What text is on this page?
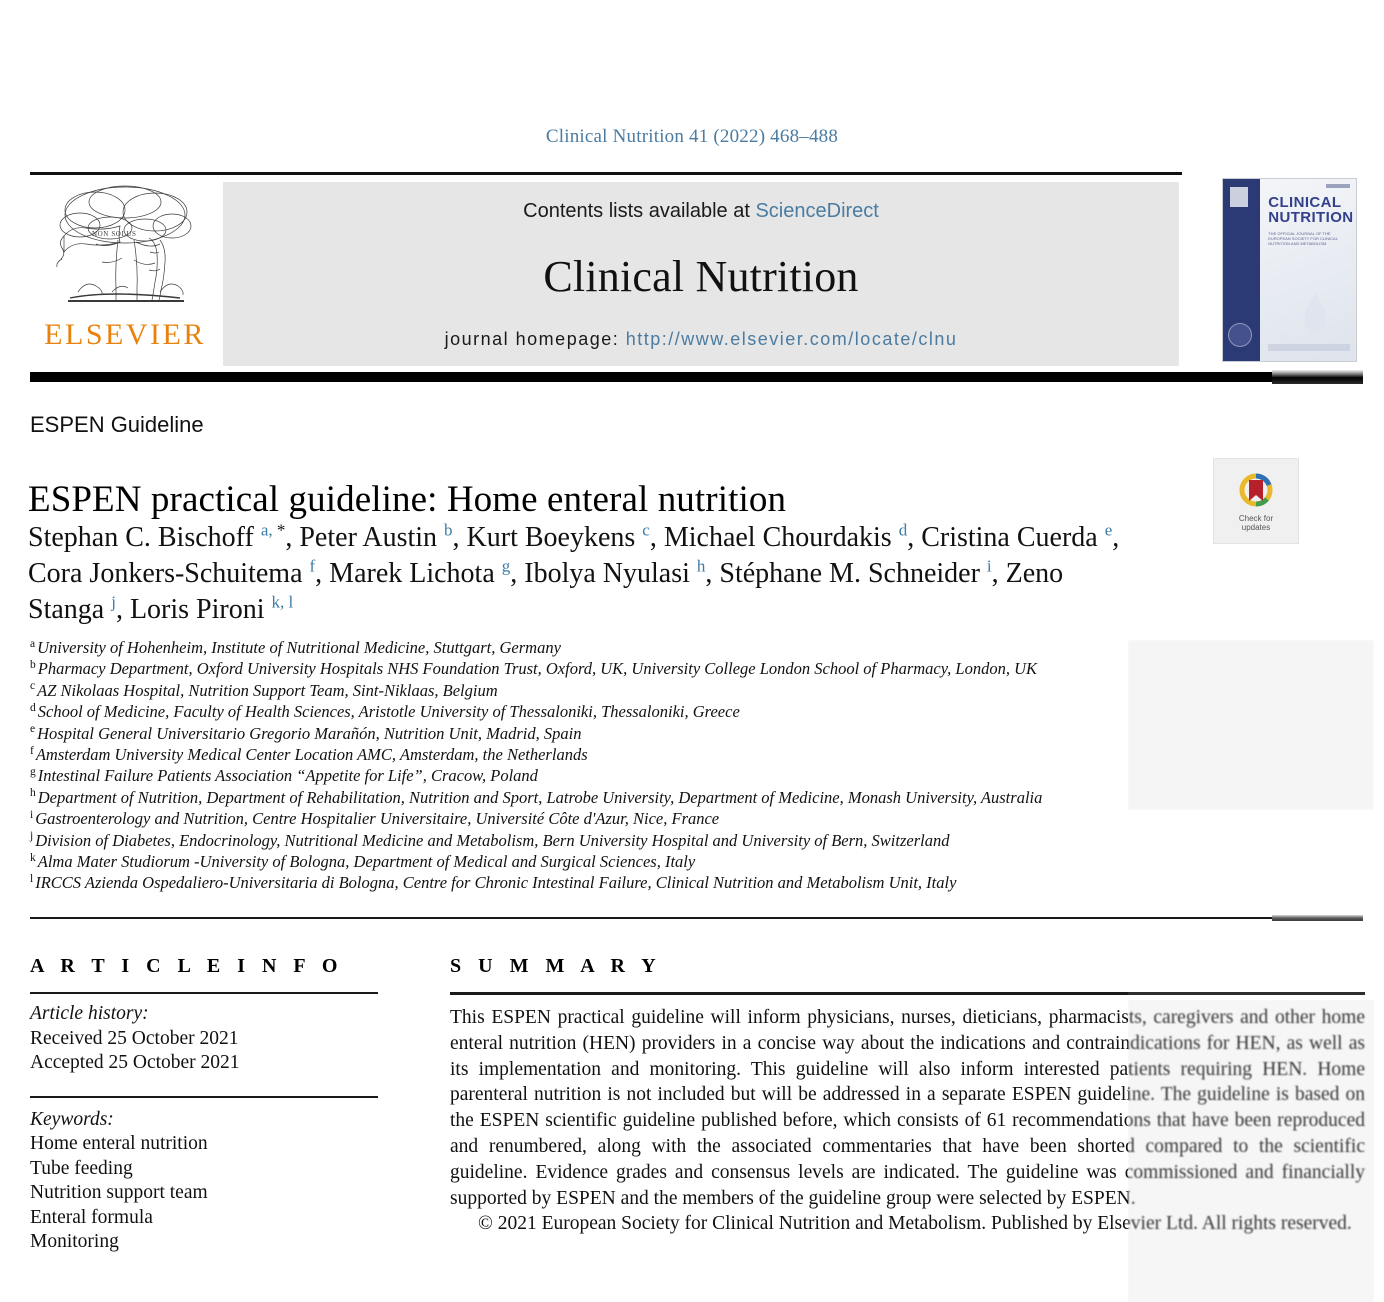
Clinical Nutrition 41 (2022) 468–488
NON SOLUS
ELSEVIER
Contents lists available at ScienceDirect
Clinical Nutrition
journal homepage: http://www.elsevier.com/locate/clnu
CLINICAL
NUTRITION
THE OFFICIAL JOURNAL OF THE EUROPEAN SOCIETY FOR CLINICAL NUTRITION AND METABOLISM
ESPEN Guideline
ESPEN practical guideline: Home enteral nutrition	Check for
updates
Stephan C. Bischoff $^{a, *}$, Peter Austin $^b$, Kurt Boeykens $^c$, Michael Chourdakis $^d$, Cristina Cuerda $^e$, Cora Jonkers-Schuitema $^f$, Marek Lichota $^g$, Ibolya Nyulasi $^h$, Stéphane M. Schneider $^i$, Zeno Stanga $^j$, Loris Pironi $^{k, l}$
$^a$ University of Hohenheim, Institute of Nutritional Medicine, Stuttgart, Germany
$^b$ Pharmacy Department, Oxford University Hospitals NHS Foundation Trust, Oxford, UK, University College London School of Pharmacy, London, UK
$^c$ AZ Nikolaas Hospital, Nutrition Support Team, Sint-Niklaas, Belgium
$^d$ School of Medicine, Faculty of Health Sciences, Aristotle University of Thessaloniki, Thessaloniki, Greece
$^e$ Hospital General Universitario Gregorio Marañón, Nutrition Unit, Madrid, Spain
$^f$ Amsterdam University Medical Center Location AMC, Amsterdam, the Netherlands
$^g$ Intestinal Failure Patients Association “Appetite for Life”, Cracow, Poland
$^h$ Department of Nutrition, Department of Rehabilitation, Nutrition and Sport, Latrobe University, Department of Medicine, Monash University, Australia
$^i$ Gastroenterology and Nutrition, Centre Hospitalier Universitaire, Université Côte d'Azur, Nice, France
$^j$ Division of Diabetes, Endocrinology, Nutritional Medicine and Metabolism, Bern University Hospital and University of Bern, Switzerland
$^k$ Alma Mater Studiorum -University of Bologna, Department of Medical and Surgical Sciences, Italy
$^l$ IRCCS Azienda Ospedaliero-Universitaria di Bologna, Centre for Chronic Intestinal Failure, Clinical Nutrition and Metabolism Unit, Italy
A R T I C L E I N F O
Article history:
Received 25 October 2021
Accepted 25 October 2021
Keywords:
Home enteral nutrition
Tube feeding
Nutrition support team
Enteral formula
Monitoring
S U M M A R Y

This ESPEN practical guideline will inform physicians, nurses, dieticians, pharmacists, caregivers and other home enteral nutrition (HEN) providers in a concise way about the indications and contraindications for HEN, as well as its implementation and monitoring. This guideline will also inform interested patients requiring HEN. Home parenteral nutrition is not included but will be addressed in a separate ESPEN guideline. The guideline is based on the ESPEN scientific guideline published before, which consists of 61 recommendations that have been reproduced and renumbered, along with the associated commentaries that have been shorted compared to the scientific guideline. Evidence grades and consensus levels are indicated. The guideline was commissioned and financially supported by ESPEN and the members of the guideline group were selected by ESPEN.

© 2021 European Society for Clinical Nutrition and Metabolism. Published by Elsevier Ltd. All rights reserved.
